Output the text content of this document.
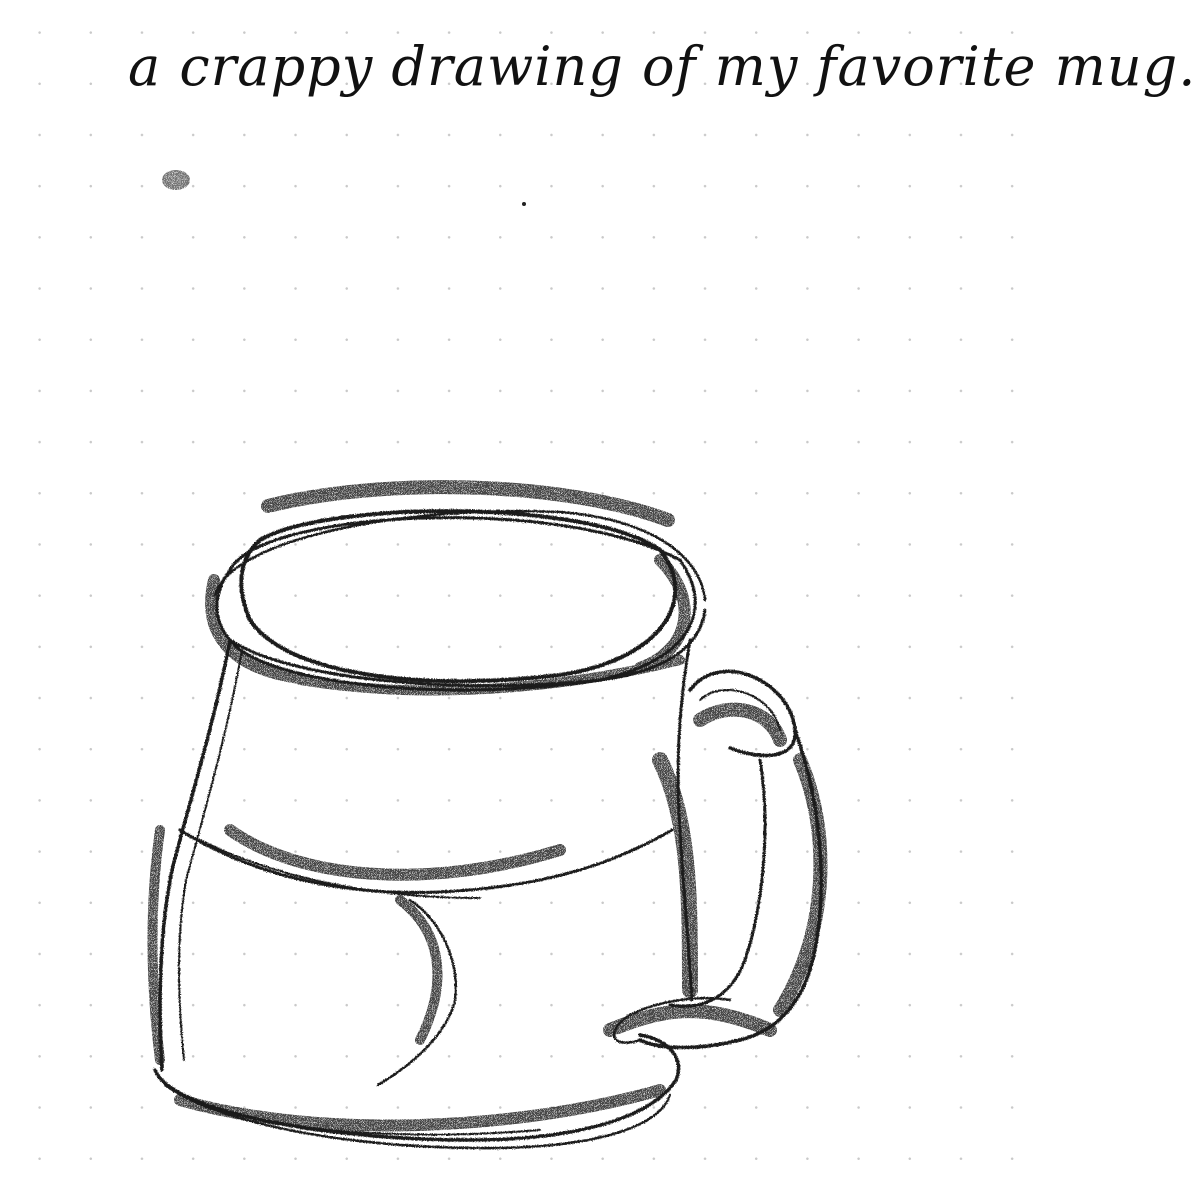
a crappy drawing of my favorite mug.
